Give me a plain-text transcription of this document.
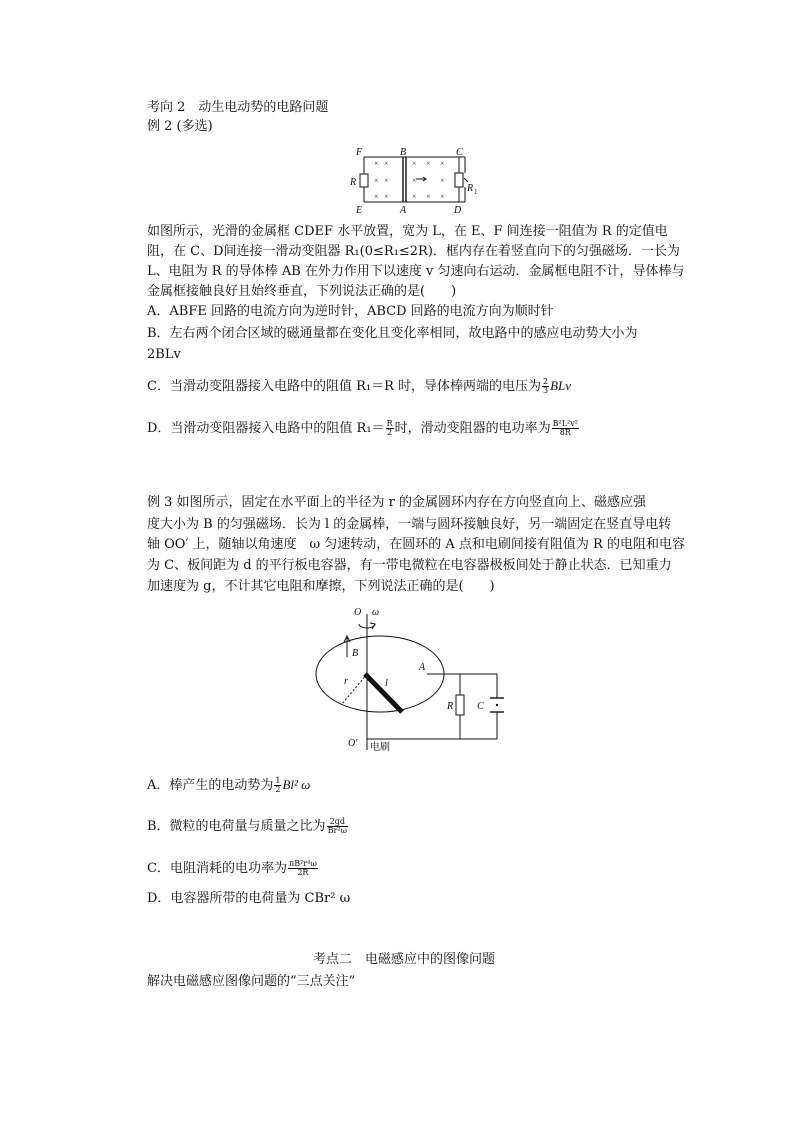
考向 2　动生电动势的电路问题
例 2 (多选)
× ×
× ×
× ×
× × ×
×	×
× × ×
F	B	C
R
E	A	D
R 1
如图所示，光滑的金属框 CDEF 水平放置，宽为 L，在 E、F 间连接一阻值为 R 的定值电
阻，在 C、D间连接一滑动变阻器 R₁(0≤R₁≤2R)．框内存在着竖直向下的匀强磁场．一长为
L、电阻为 R 的导体棒 AB 在外力作用下以速度 v 匀速向右运动．金属框电阻不计，导体棒与
金属框接触良好且始终垂直，下列说法正确的是(　　)
A．ABFE 回路的电流方向为逆时针，ABCD 回路的电流方向为顺时针
B．左右两个闭合区域的磁通量都在变化且变化率相同，故电路中的感应电动势大小为
2BLv
C．当滑动变阻器接入电路中的阻值 R₁＝R 时，导体棒两端的电压为 $\frac{2}{3}$ BLv
D．当滑动变阻器接入电路中的阻值 $R_1= \frac{R}{2}$ 时，滑动变阻器的电功率为 $\frac{\text{B²L²v²}}{8R}$
例 3 如图所示，固定在水平面上的半径为 r 的金属圆环内存在方向竖直向上、磁感应强
度大小为 B 的匀强磁场．长为 l 的金属棒，一端与圆环接触良好，另一端固定在竖直导电转
轴 OO′ 上，随轴以角速度　ω 匀速转动，在圆环的 A 点和电刷间接有阻值为 R 的电阻和电容
为 C、板间距为 d 的平行板电容器，有一带电微粒在电容器极板间处于静止状态．已知重力
加速度为 g，不计其它电阻和摩擦，下列说法正确的是(　　)
O ω
B
A
r	l
R C
O′ 电刷
A．棒产生的电动势为 $\frac{1}{2} Bl^2$ ω
B．微粒的电荷量与质量之比为 $\frac{2gd}{\text{Br²ω}}$
C．电阻消耗的电功率为 $\frac{\text{πB²r⁴ω}}{2R}$
D．电容器所带的电荷量为 CBr² ω
考点二　电磁感应中的图像问题
解决电磁感应图像问题的“三点关注”
